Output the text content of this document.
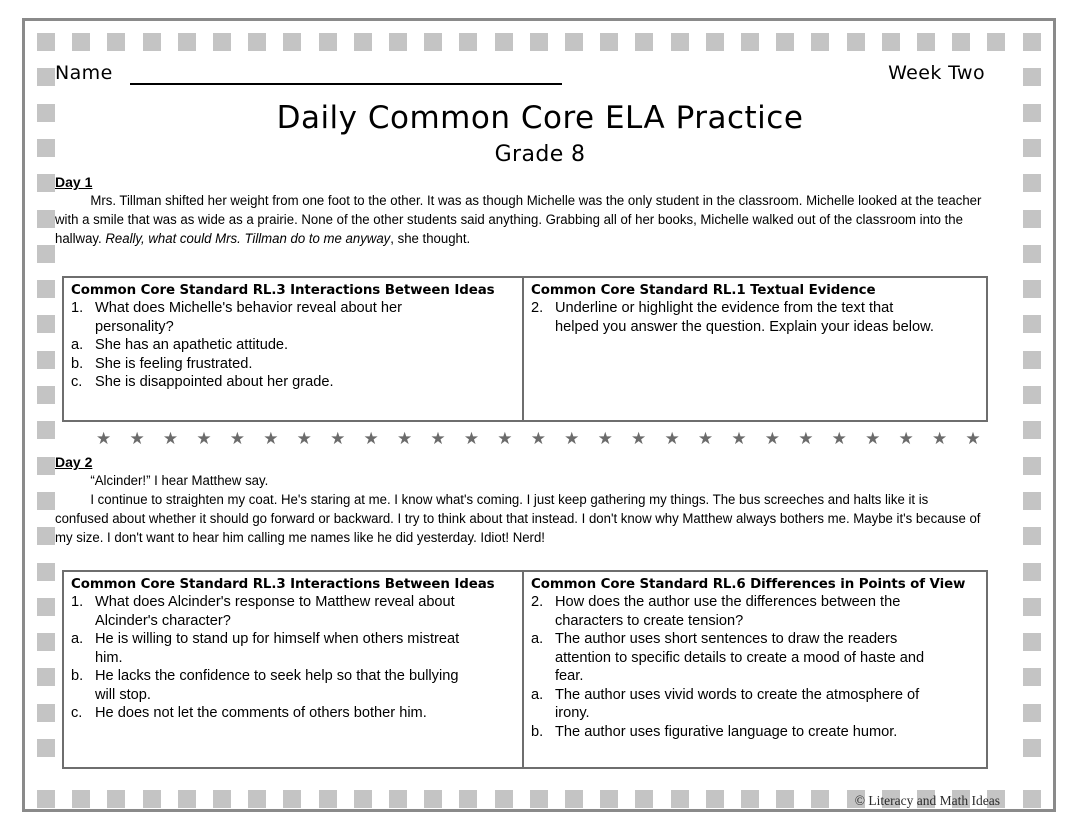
Name	Week Two
Daily Common Core ELA Practice
Grade 8
Day 1
Mrs. Tillman shifted her weight from one foot to the other. It was as though Michelle was the only student in the classroom. Michelle looked at the teacher with a smile that was as wide as a prairie. None of the other students said anything. Grabbing all of her books, Michelle walked out of the classroom into the hallway. Really, what could Mrs. Tillman do to me anyway, she thought.
Common Core Standard RL.3 Interactions Between Ideas
1. What does Michelle's behavior reveal about her
personality?
a. She has an apathetic attitude.
b. She is feeling frustrated.
c. She is disappointed about her grade.
Common Core Standard RL.1 Textual Evidence
2. Underline or highlight the evidence from the text that
helped you answer the question. Explain your ideas below.
★ ★ ★ ★ ★ ★ ★ ★ ★ ★ ★ ★ ★ ★ ★ ★ ★ ★ ★ ★ ★ ★ ★ ★ ★ ★ ★
Day 2
“Alcinder!” I hear Matthew say.
I continue to straighten my coat. He's staring at me. I know what's coming. I just keep gathering my things. The bus screeches and halts like it is confused about whether it should go forward or backward. I try to think about that instead. I don't know why Matthew always bothers me. Maybe it's because of my size. I don't want to hear him calling me names like he did yesterday. Idiot! Nerd!
Common Core Standard RL.3 Interactions Between Ideas
1. What does Alcinder's response to Matthew reveal about
Alcinder's character?
a. He is willing to stand up for himself when others mistreat
him.
b. He lacks the confidence to seek help so that the bullying
will stop.
c. He does not let the comments of others bother him.
Common Core Standard RL.6 Differences in Points of View
2. How does the author use the differences between the
characters to create tension?
a. The author uses short sentences to draw the readers
attention to specific details to create a mood of haste and
fear.
a. The author uses vivid words to create the atmosphere of
irony.
b. The author uses figurative language to create humor.
© Literacy and Math Ideas
